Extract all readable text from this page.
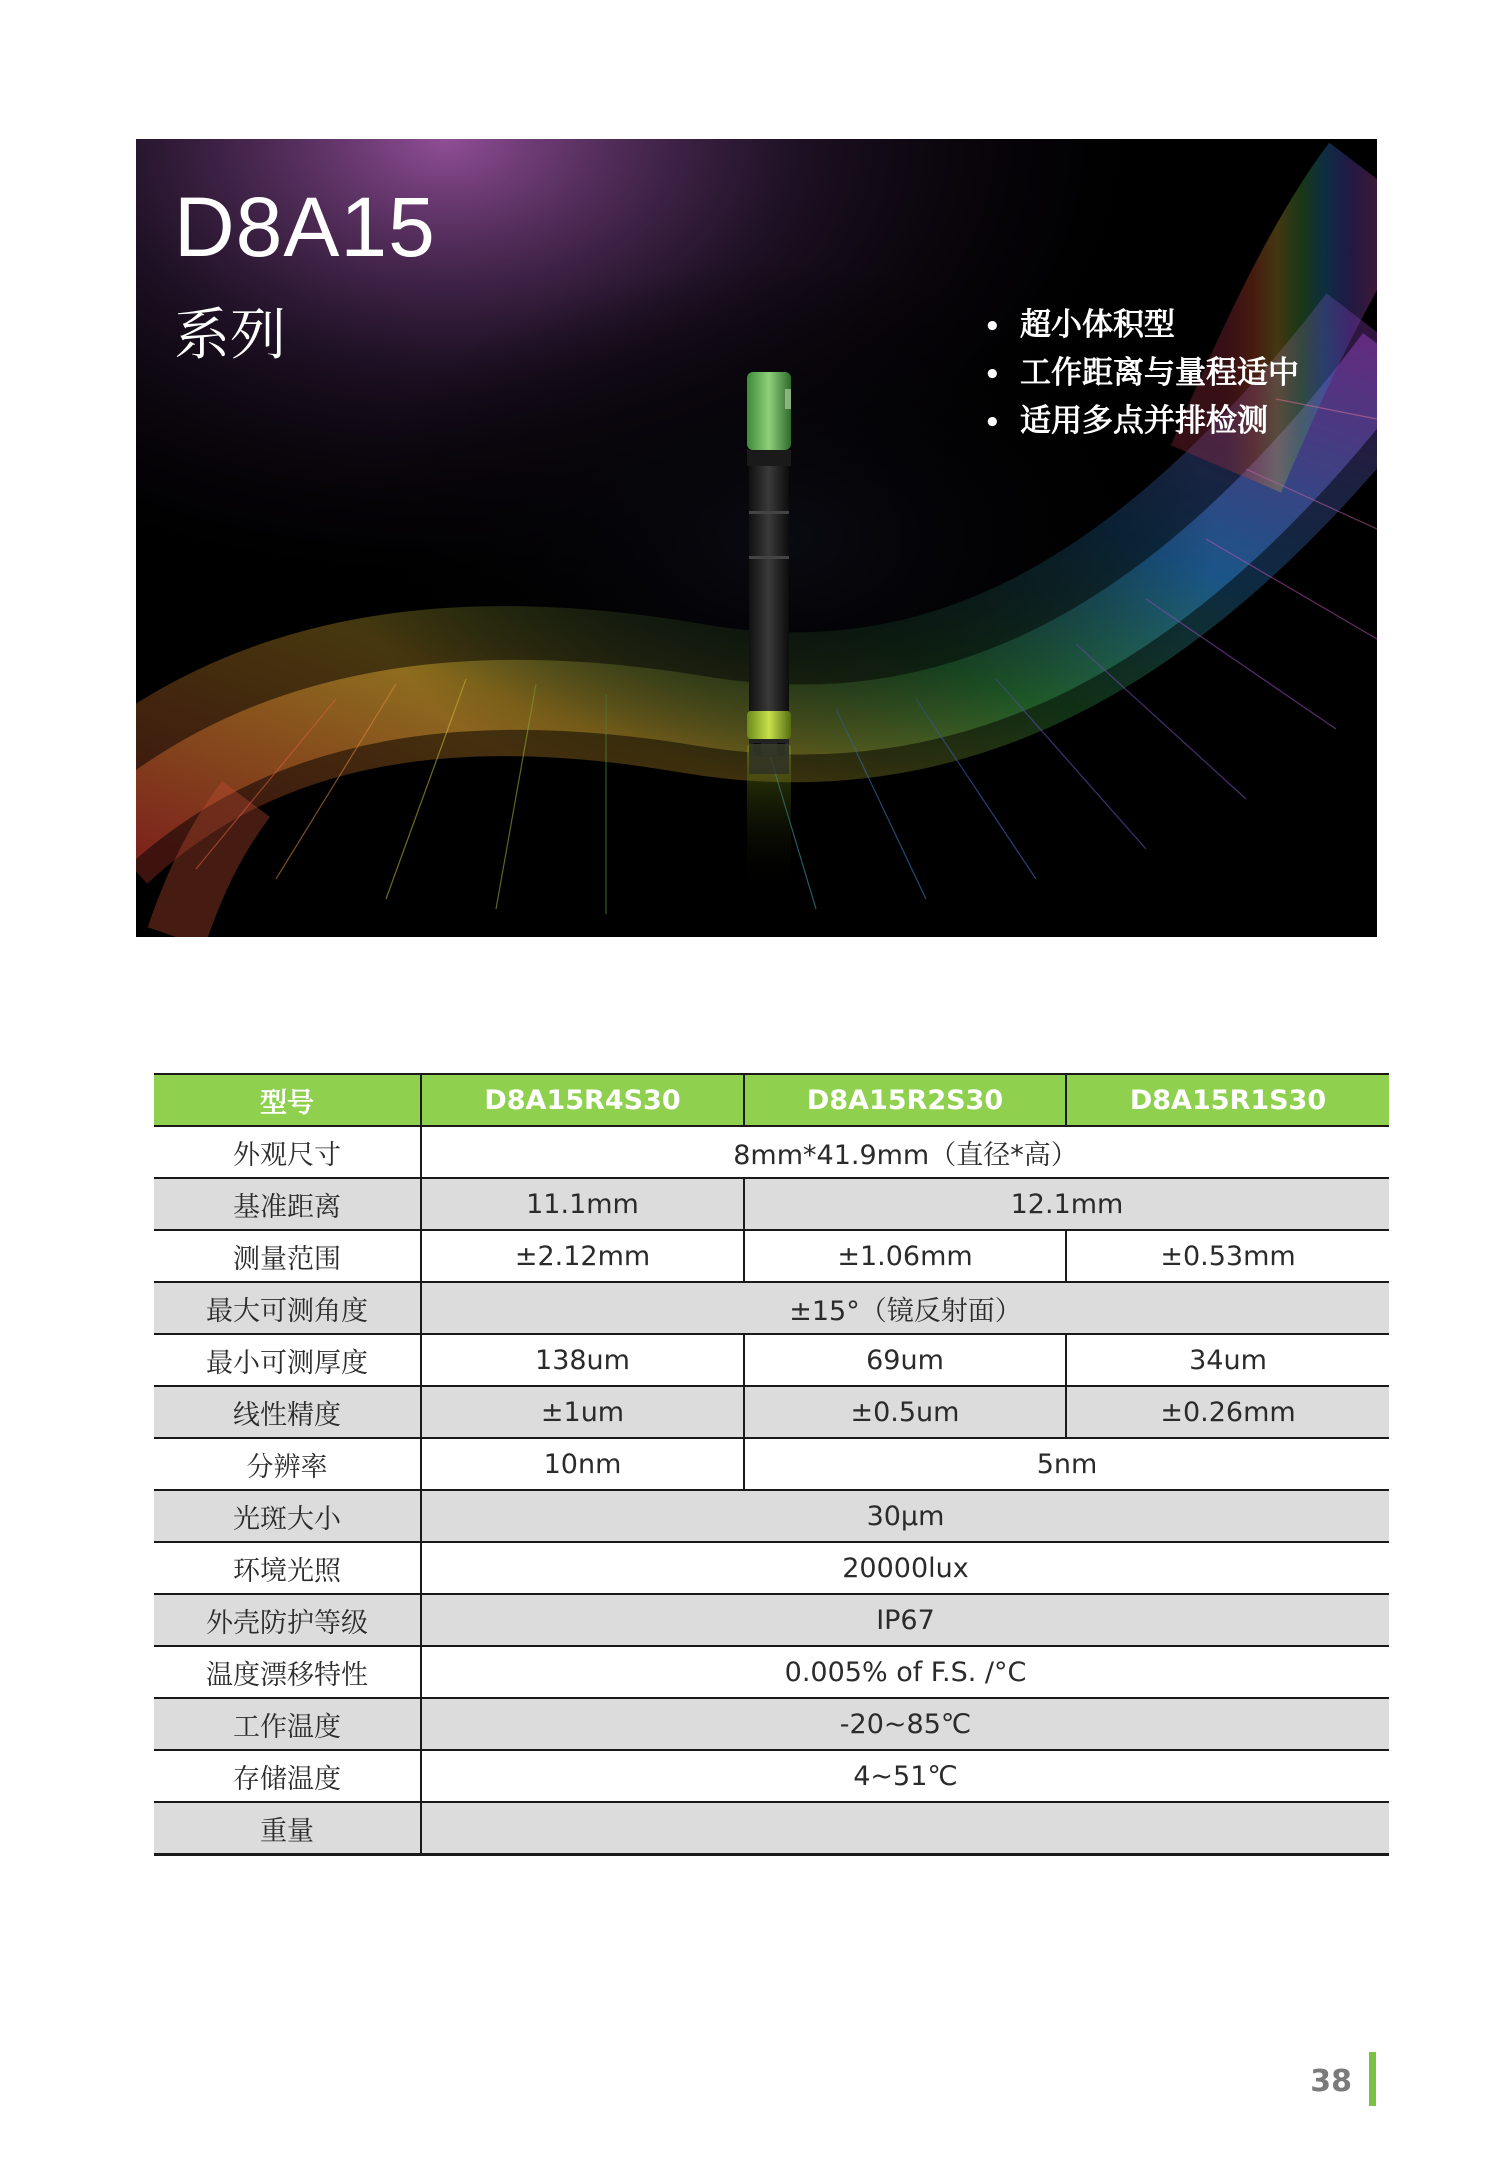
D8A15
系列	• 超小体积型
• 工作距离与量程适中
• 适用多点并排检测
型号	D8A15R4S30	D8A15R2S30	D8A15R1S30
外观尺寸	8mm*41.9mm（直径*高）		
基准距离	11.1mm	12.1mm	
测量范围	±2.12mm	±1.06mm	±0.53mm
最大可测角度	±15°（镜反射面）		
最小可测厚度	138um	69um	34um
线性精度	±1um	±0.5um	±0.26mm
分辨率	10nm	5nm	
光斑大小	30μm		
环境光照	20000lux		
外壳防护等级	IP67		
温度漂移特性	0.005% of F.S. /°C		
工作温度	-20~85℃		
存储温度	4~51℃		
重量			
38
